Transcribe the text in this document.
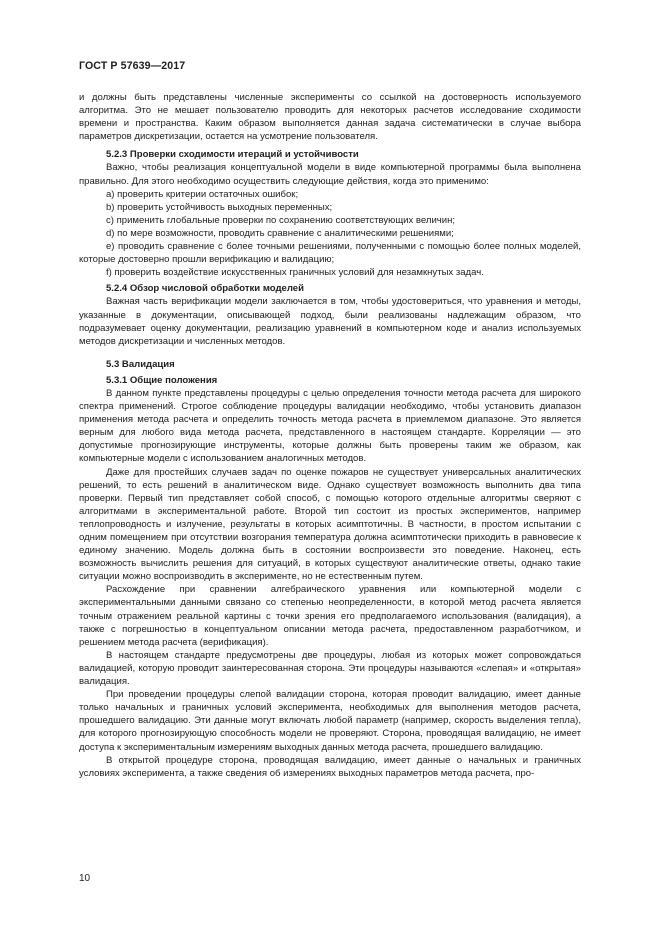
ГОСТ Р 57639—2017

и должны быть представлены численные эксперименты со ссылкой на достоверность используемого алгоритма. Это не мешает пользователю проводить для некоторых расчетов исследование сходимости времени и пространства. Каким образом выполняется данная задача систематически в случае выбора параметров дискретизации, остается на усмотрение пользователя.

5.2.3 Проверки сходимости итераций и устойчивости

Важно, чтобы реализация концептуальной модели в виде компьютерной программы была выполнена правильно. Для этого необходимо осуществить следующие действия, когда это применимо:

a) проверить критерии остаточных ошибок;

b) проверить устойчивость выходных переменных;

c) применить глобальные проверки по сохранению соответствующих величин;

d) по мере возможности, проводить сравнение с аналитическими решениями;

e) проводить сравнение с более точными решениями, полученными с помощью более полных моделей, которые достоверно прошли верификацию и валидацию;

f) проверить воздействие искусственных граничных условий для незамкнутых задач.

5.2.4 Обзор числовой обработки моделей

Важная часть верификации модели заключается в том, чтобы удостовериться, что уравнения и методы, указанные в документации, описывающей подход, были реализованы надлежащим образом, что подразумевает оценку документации, реализацию уравнений в компьютерном коде и анализ используемых методов дискретизации и численных методов.

5.3 Валидация

5.3.1 Общие положения

В данном пункте представлены процедуры с целью определения точности метода расчета для широкого спектра применений. Строгое соблюдение процедуры валидации необходимо, чтобы установить диапазон применения метода расчета и определить точность метода расчета в приемлемом диапазоне. Это является верным для любого вида метода расчета, представленного в настоящем стандарте. Корреляции — это допустимые прогнозирующие инструменты, которые должны быть проверены таким же образом, как компьютерные модели с использованием аналогичных методов.

Даже для простейших случаев задач по оценке пожаров не существует универсальных аналитических решений, то есть решений в аналитическом виде. Однако существует возможность выполнить два типа проверки. Первый тип представляет собой способ, с помощью которого отдельные алгоритмы сверяют с алгоритмами в экспериментальной работе. Второй тип состоит из простых экспериментов, например теплопроводность и излучение, результаты в которых асимптотичны. В частности, в простом испытании с одним помещением при отсутствии возгорания температура должна асимптотически приходить в равновесие к единому значению. Модель должна быть в состоянии воспроизвести это поведение. Наконец, есть возможность вычислить решения для ситуаций, в которых существуют аналитические ответы, однако такие ситуации можно воспроизводить в эксперименте, но не естественным путем.

Расхождение при сравнении алгебраического уравнения или компьютерной модели с экспериментальными данными связано со степенью неопределенности, в которой метод расчета является точным отражением реальной картины с точки зрения его предполагаемого использования (валидация), а также с погрешностью в концептуальном описании метода расчета, предоставленном разработчиком, и решением метода расчета (верификация).

В настоящем стандарте предусмотрены две процедуры, любая из которых может сопровождаться валидацией, которую проводит заинтересованная сторона. Эти процедуры называются «слепая» и «открытая» валидация.

При проведении процедуры слепой валидации сторона, которая проводит валидацию, имеет данные только начальных и граничных условий эксперимента, необходимых для выполнения методов расчета, прошедшего валидацию. Эти данные могут включать любой параметр (например, скорость выделения тепла), для которого прогнозирующую способность модели не проверяют. Сторона, проводящая валидацию, не имеет доступа к экспериментальным измерениям выходных данных метода расчета, прошедшего валидацию.

В открытой процедуре сторона, проводящая валидацию, имеет данные о начальных и граничных условиях эксперимента, а также сведения об измерениях выходных параметров метода расчета, про-

10
